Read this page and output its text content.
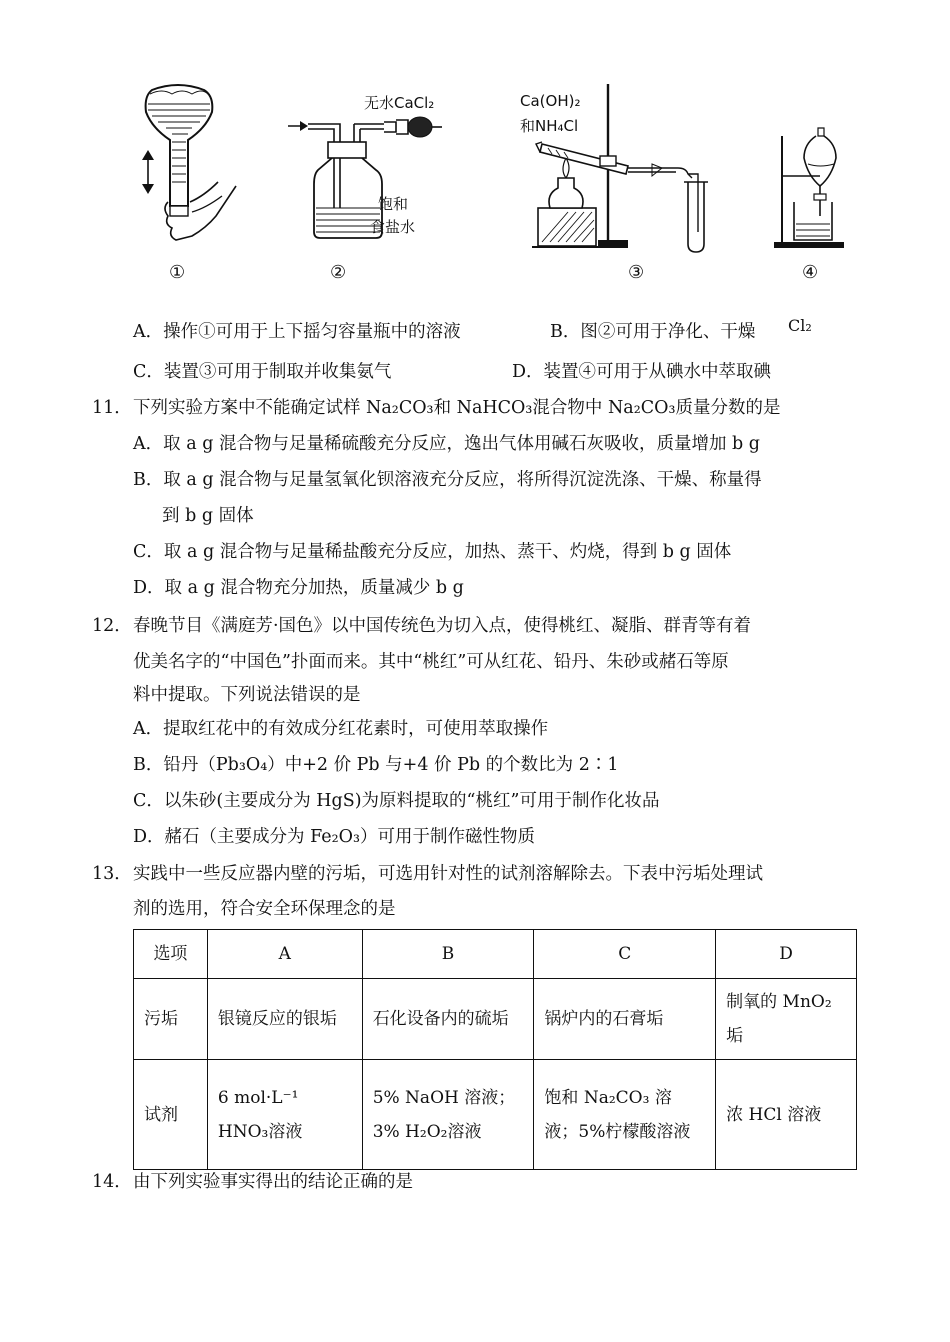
无水CaCl₂
饱和
食盐水
Ca(OH)₂
和NH₄Cl
①	②	③	④
A．操作①可用于上下摇匀容量瓶中的溶液	B．图②可用于净化、干燥 Cl₂
C．装置③可用于制取并收集氨气	D．装置④可用于从碘水中萃取碘
11． 下列实验方案中不能确定试样 Na₂CO₃和 NaHCO₃混合物中 Na₂CO₃质量分数的是
A．取 a g 混合物与足量稀硫酸充分反应，逸出气体用碱石灰吸收，质量增加 b g
B．取 a g 混合物与足量氢氧化钡溶液充分反应，将所得沉淀洗涤、干燥、称量得
到 b g 固体
C．取 a g 混合物与足量稀盐酸充分反应，加热、蒸干、灼烧，得到 b g 固体
D．取 a g 混合物充分加热，质量减少 b g
12． 春晚节目《满庭芳·国色》以中国传统色为切入点，使得桃红、凝脂、群青等有着
优美名字的“中国色”扑面而来。其中“桃红”可从红花、铅丹、朱砂或赭石等原
料中提取。下列说法错误的是
A．提取红花中的有效成分红花素时，可使用萃取操作
B．铅丹（Pb₃O₄）中+2 价 Pb 与+4 价 Pb 的个数比为 2∶1
C．以朱砂(主要成分为 HgS)为原料提取的“桃红”可用于制作化妆品
D．赭石（主要成分为 Fe₂O₃）可用于制作磁性物质
13． 实践中一些反应器内壁的污垢，可选用针对性的试剂溶解除去。下表中污垢处理试
剂的选用，符合安全环保理念的是
选项	A	B	C	D
污垢	银镜反应的银垢	石化设备内的硫垢	锅炉内的石膏垢	制氧的 MnO₂垢
试剂	6 mol·L⁻¹ HNO₃溶液	5% NaOH 溶液；3% H₂O₂溶液	饱和 Na₂CO₃ 溶液；5%柠檬酸溶液	浓 HCl 溶液
14． 由下列实验事实得出的结论正确的是
